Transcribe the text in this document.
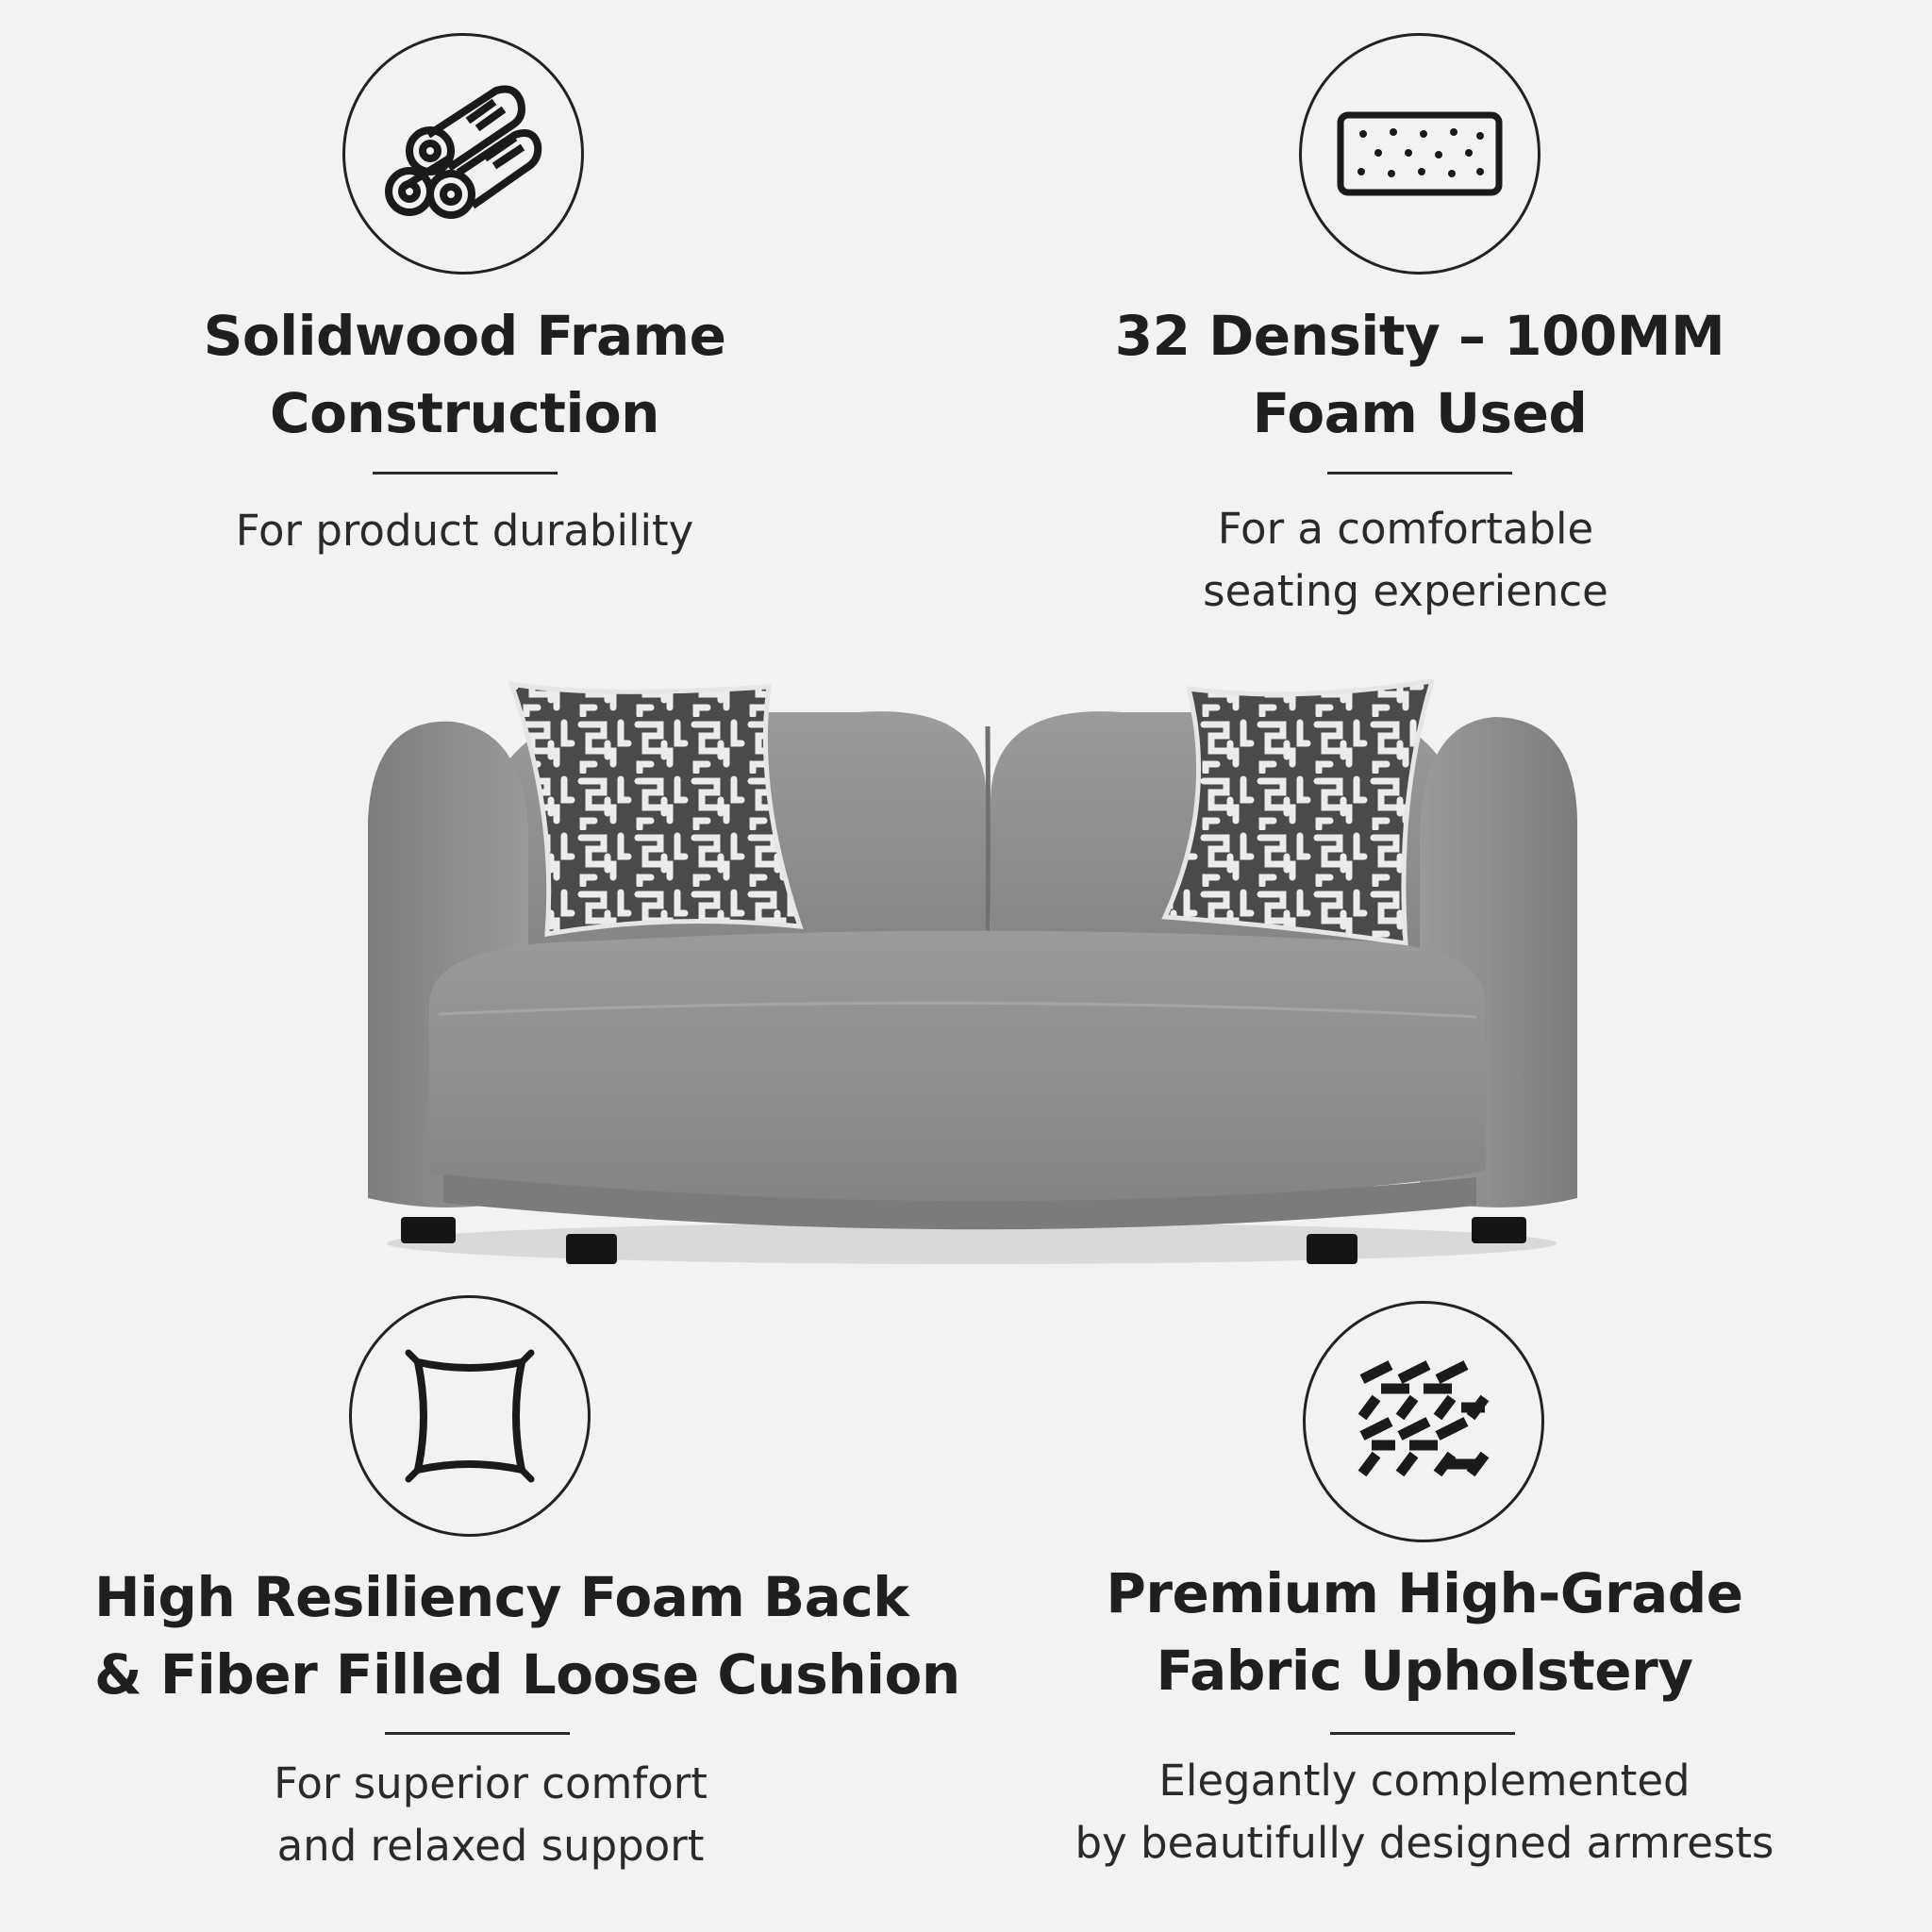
Solidwood Frame
Construction
For product durability
32 Density – 100MM
Foam Used
For a comfortable
seating experience
High Resiliency Foam Back
& Fiber Filled Loose Cushion
For superior comfort
and relaxed support
Premium High-Grade
Fabric Upholstery
Elegantly complemented
by beautifully designed armrests
